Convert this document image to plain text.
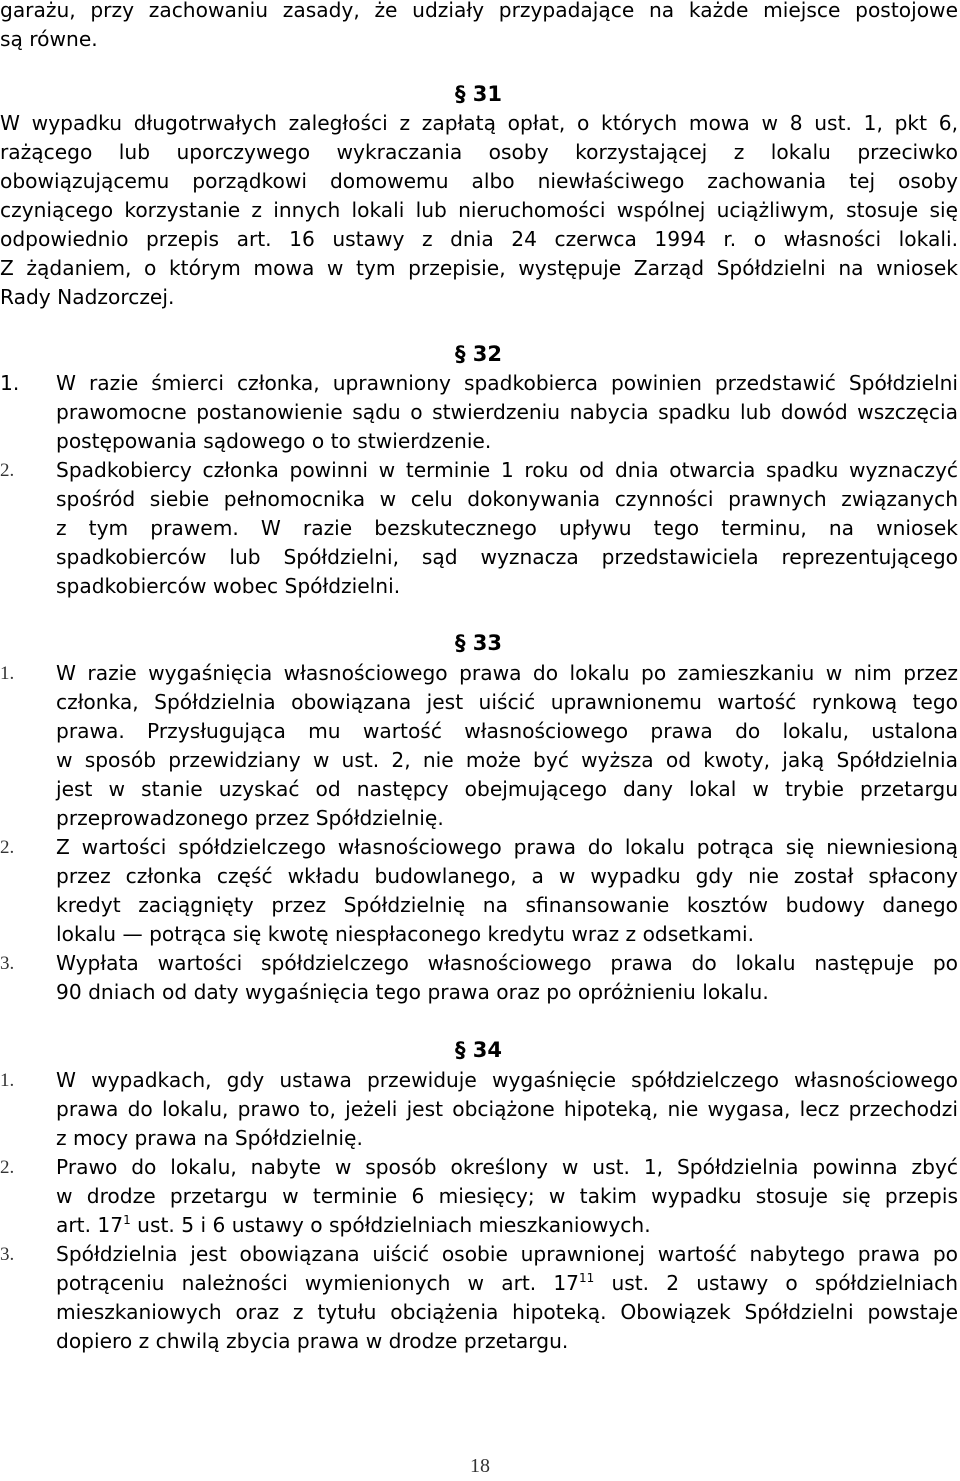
garażu, przy zachowaniu zasady, że udziały przypadające na każde miejsce postojowe

są równe.

§ 31

W wypadku długotrwałych zaległości z zapłatą opłat, o których mowa w 8 ust. 1, pkt 6,

rażącego lub uporczywego wykraczania osoby korzystającej z lokalu przeciwko

obowiązującemu porządkowi domowemu albo niewłaściwego zachowania tej osoby

czyniącego korzystanie z innych lokali lub nieruchomości wspólnej uciążliwym, stosuje się

odpowiednio przepis art. 16 ustawy z dnia 24 czerwca 1994 r. o własności lokali.

Z żądaniem, o którym mowa w tym przepisie, występuje Zarząd Spółdzielni na wniosek

Rady Nadzorczej.

§ 32

1.	W razie śmierci członka, uprawniony spadkobierca powinien przedstawić Spółdzielni

prawomocne postanowienie sądu o stwierdzeniu nabycia spadku lub dowód wszczęcia

postępowania sądowego o to stwierdzenie.

2.	Spadkobiercy członka powinni w terminie 1 roku od dnia otwarcia spadku wyznaczyć

spośród siebie pełnomocnika w celu dokonywania czynności prawnych związanych

z tym prawem. W razie bezskutecznego upływu tego terminu, na wniosek

spadkobierców lub Spółdzielni, sąd wyznacza przedstawiciela reprezentującego

spadkobierców wobec Spółdzielni.

§ 33

1.	W razie wygaśnięcia własnościowego prawa do lokalu po zamieszkaniu w nim przez

członka, Spółdzielnia obowiązana jest uiścić uprawnionemu wartość rynkową tego

prawa. Przysługująca mu wartość własnościowego prawa do lokalu, ustalona

w sposób przewidziany w ust. 2, nie może być wyższa od kwoty, jaką Spółdzielnia

jest w stanie uzyskać od następcy obejmującego dany lokal w trybie przetargu

przeprowadzonego przez Spółdzielnię.

2.	Z wartości spółdzielczego własnościowego prawa do lokalu potrąca się niewniesioną

przez członka część wkładu budowlanego, a w wypadku gdy nie został spłacony

kredyt zaciągnięty przez Spółdzielnię na sfinansowanie kosztów budowy danego

lokalu — potrąca się kwotę niespłaconego kredytu wraz z odsetkami.

3.	Wypłata wartości spółdzielczego własnościowego prawa do lokalu następuje po

90 dniach od daty wygaśnięcia tego prawa oraz po opróżnieniu lokalu.

§ 34

1.	W wypadkach, gdy ustawa przewiduje wygaśnięcie spółdzielczego własnościowego

prawa do lokalu, prawo to, jeżeli jest obciążone hipoteką, nie wygasa, lecz przechodzi

z mocy prawa na Spółdzielnię.

2.	Prawo do lokalu, nabyte w sposób określony w ust. 1, Spółdzielnia powinna zbyć

w drodze przetargu w terminie 6 miesięcy; w takim wypadku stosuje się przepis

art. $17^1$ ust. 5 i 6 ustawy o spółdzielniach mieszkaniowych.

3.	Spółdzielnia jest obowiązana uiścić osobie uprawnionej wartość nabytego prawa po

potrąceniu należności wymienionych w art. $17^{11}$ ust. 2 ustawy o spółdzielniach

mieszkaniowych oraz z tytułu obciążenia hipoteką. Obowiązek Spółdzielni powstaje

dopiero z chwilą zbycia prawa w drodze przetargu.

18
